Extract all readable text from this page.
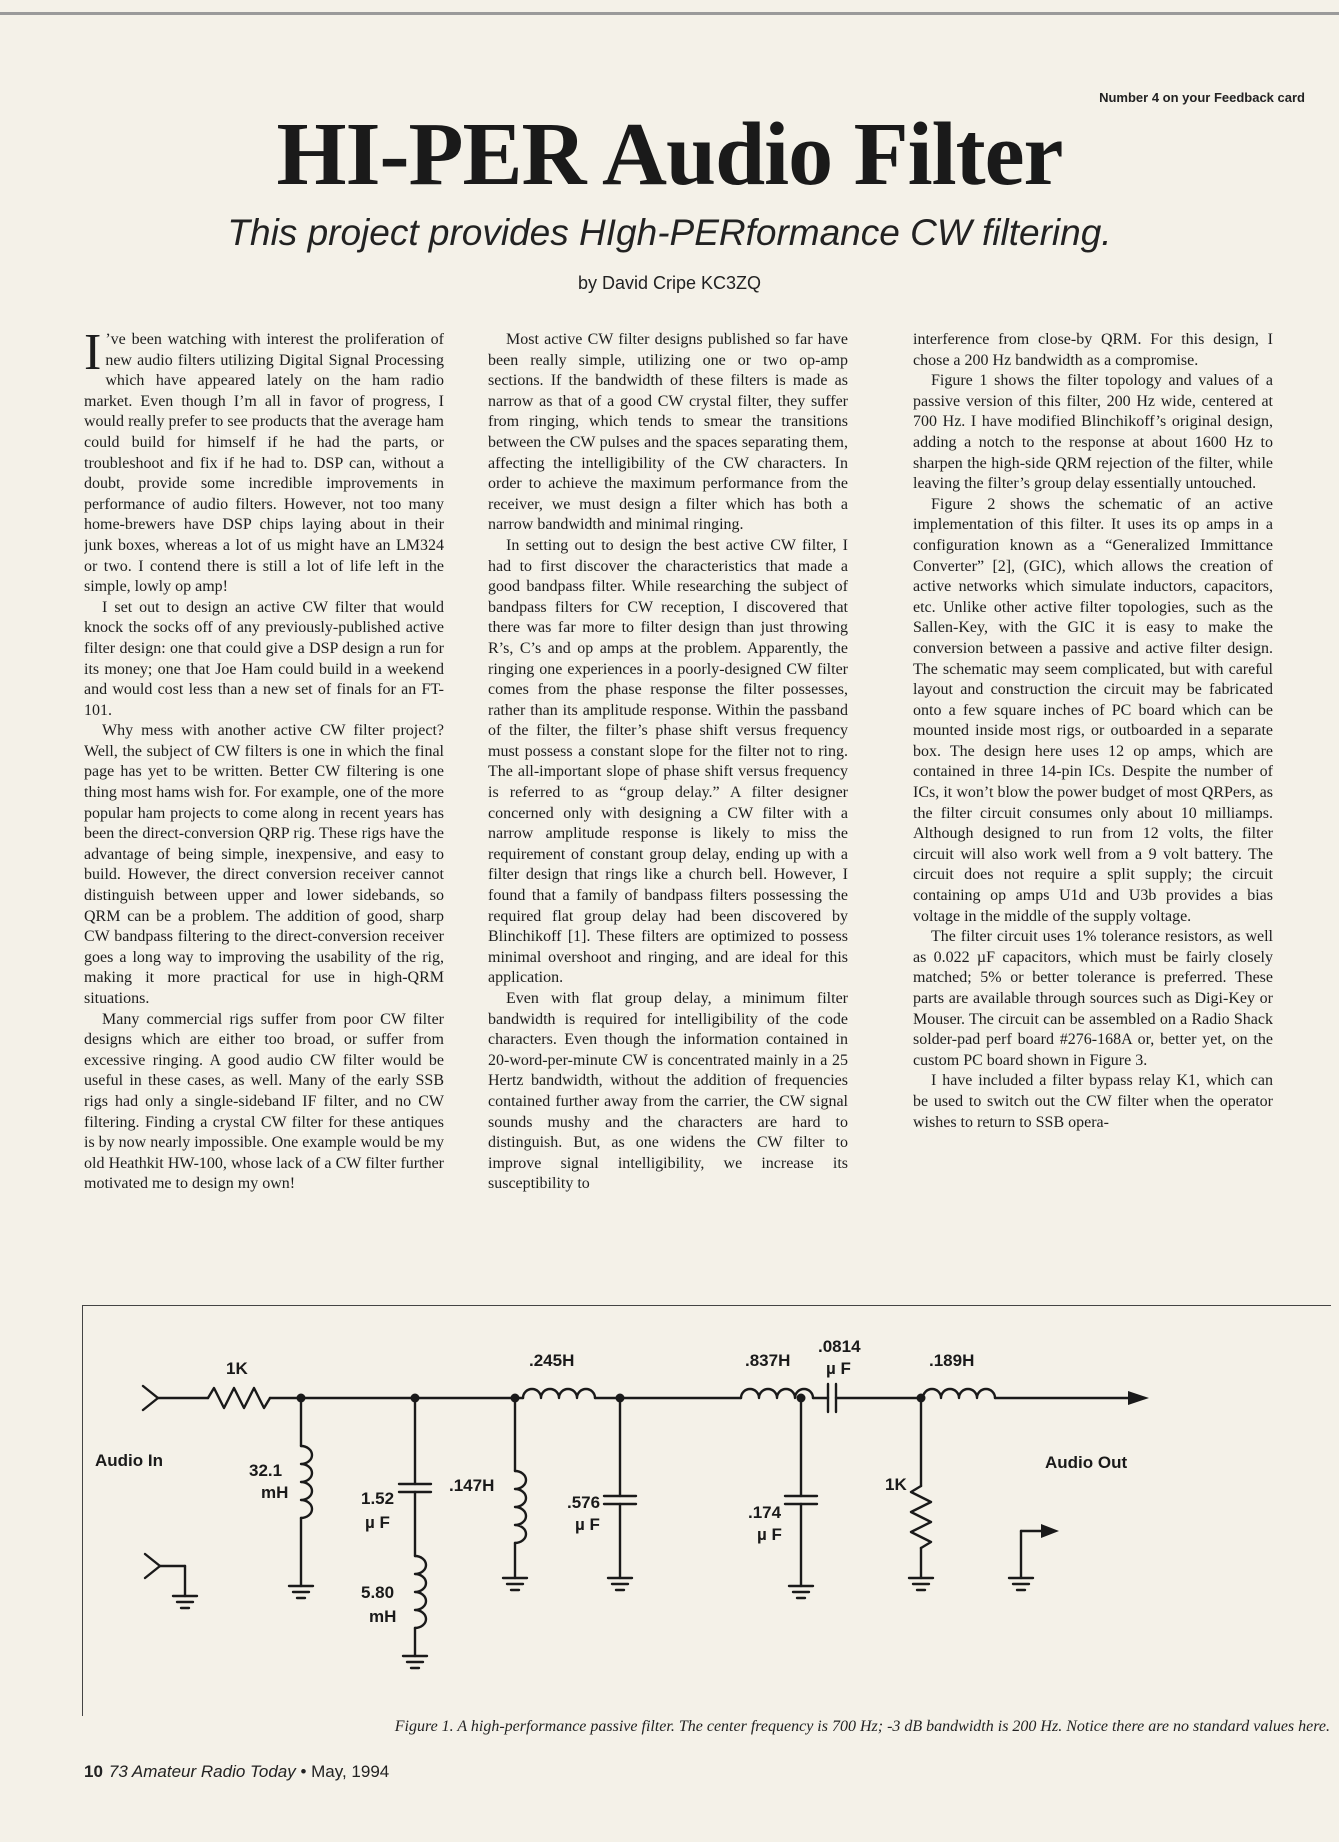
Number 4 on your Feedback card
HI-PER Audio Filter
This project provides HIgh-PERformance CW filtering.
by David Cripe KC3ZQ

I ’ve been watching with interest the proliferation of new audio filters utilizing Digital Signal Processing which have appeared lately on the ham radio market. Even though I’m all in favor of progress, I would really prefer to see products that the average ham could build for himself if he had the parts, or troubleshoot and fix if he had to. DSP can, without a doubt, provide some incredible improvements in performance of audio filters. However, not too many home-brewers have DSP chips laying about in their junk boxes, whereas a lot of us might have an LM324 or two. I contend there is still a lot of life left in the simple, lowly op amp!

I set out to design an active CW filter that would knock the socks off of any previously-published active filter design: one that could give a DSP design a run for its money; one that Joe Ham could build in a weekend and would cost less than a new set of finals for an FT-101.

Why mess with another active CW filter project? Well, the subject of CW filters is one in which the final page has yet to be written. Better CW filtering is one thing most hams wish for. For example, one of the more popular ham projects to come along in recent years has been the direct-conversion QRP rig. These rigs have the advantage of being simple, inexpensive, and easy to build. However, the direct conversion receiver cannot distinguish between upper and lower sidebands, so QRM can be a problem. The addition of good, sharp CW bandpass filtering to the direct-conversion receiver goes a long way to improving the usability of the rig, making it more practical for use in high-QRM situations.

Many commercial rigs suffer from poor CW filter designs which are either too broad, or suffer from excessive ringing. A good audio CW filter would be useful in these cases, as well. Many of the early SSB rigs had only a single-sideband IF filter, and no CW filtering. Finding a crystal CW filter for these antiques is by now nearly impossible. One example would be my old Heathkit HW-100, whose lack of a CW filter further motivated me to design my own!

Most active CW filter designs published so far have been really simple, utilizing one or two op-amp sections. If the bandwidth of these filters is made as narrow as that of a good CW crystal filter, they suffer from ringing, which tends to smear the transitions between the CW pulses and the spaces separating them, affecting the intelligibility of the CW characters. In order to achieve the maximum performance from the receiver, we must design a filter which has both a narrow bandwidth and minimal ringing.

In setting out to design the best active CW filter, I had to first discover the characteristics that made a good bandpass filter. While researching the subject of bandpass filters for CW reception, I discovered that there was far more to filter design than just throwing R’s, C’s and op amps at the problem. Apparently, the ringing one experiences in a poorly-designed CW filter comes from the phase response the filter possesses, rather than its amplitude response. Within the passband of the filter, the filter’s phase shift versus frequency must possess a constant slope for the filter not to ring. The all-important slope of phase shift versus frequency is referred to as “group delay.” A filter designer concerned only with designing a CW filter with a narrow amplitude response is likely to miss the requirement of constant group delay, ending up with a filter design that rings like a church bell. However, I found that a family of bandpass filters possessing the required flat group delay had been discovered by Blinchikoff [1]. These filters are optimized to possess minimal overshoot and ringing, and are ideal for this application.

Even with flat group delay, a minimum filter bandwidth is required for intelligibility of the code characters. Even though the information contained in 20-word-per-minute CW is concentrated mainly in a 25 Hertz bandwidth, without the addition of frequencies contained further away from the carrier, the CW signal sounds mushy and the characters are hard to distinguish. But, as one widens the CW filter to improve signal intelligibility, we increase its susceptibility to

interference from close-by QRM. For this design, I chose a 200 Hz bandwidth as a compromise.

Figure 1 shows the filter topology and values of a passive version of this filter, 200 Hz wide, centered at 700 Hz. I have modified Blinchikoff’s original design, adding a notch to the response at about 1600 Hz to sharpen the high-side QRM rejection of the filter, while leaving the filter’s group delay essentially untouched.

Figure 2 shows the schematic of an active implementation of this filter. It uses its op amps in a configuration known as a “Generalized Immittance Converter” [2], (GIC), which allows the creation of active networks which simulate inductors, capacitors, etc. Unlike other active filter topologies, such as the Sallen-Key, with the GIC it is easy to make the conversion between a passive and active filter design. The schematic may seem complicated, but with careful layout and construction the circuit may be fabricated onto a few square inches of PC board which can be mounted inside most rigs, or outboarded in a separate box. The design here uses 12 op amps, which are contained in three 14-pin ICs. Despite the number of ICs, it won’t blow the power budget of most QRPers, as the filter circuit consumes only about 10 milliamps. Although designed to run from 12 volts, the filter circuit will also work well from a 9 volt battery. The circuit does not require a split supply; the circuit containing op amps U1d and U3b provides a bias voltage in the middle of the supply voltage.

The filter circuit uses 1% tolerance resistors, as well as 0.022 µF capacitors, which must be fairly closely matched; 5% or better tolerance is preferred. These parts are available through sources such as Digi-Key or Mouser. The circuit can be assembled on a Radio Shack solder-pad perf board #276-168A or, better yet, on the custom PC board shown in Figure 3.

I have included a filter bypass relay K1, which can be used to switch out the CW filter when the operator wishes to return to SSB opera-

1K	.245H	.837H
.0814
µ F	.189H
Audio In	Audio Out
32.1
mH	1.52
µ F
.147H
.576
µ F
.174
µ F
1K
5.80
mH
Figure 1. A high-performance passive filter. The center frequency is 700 Hz; -3 dB bandwidth is 200 Hz. Notice there are no standard values here.
10 73 Amateur Radio Today • May, 1994
